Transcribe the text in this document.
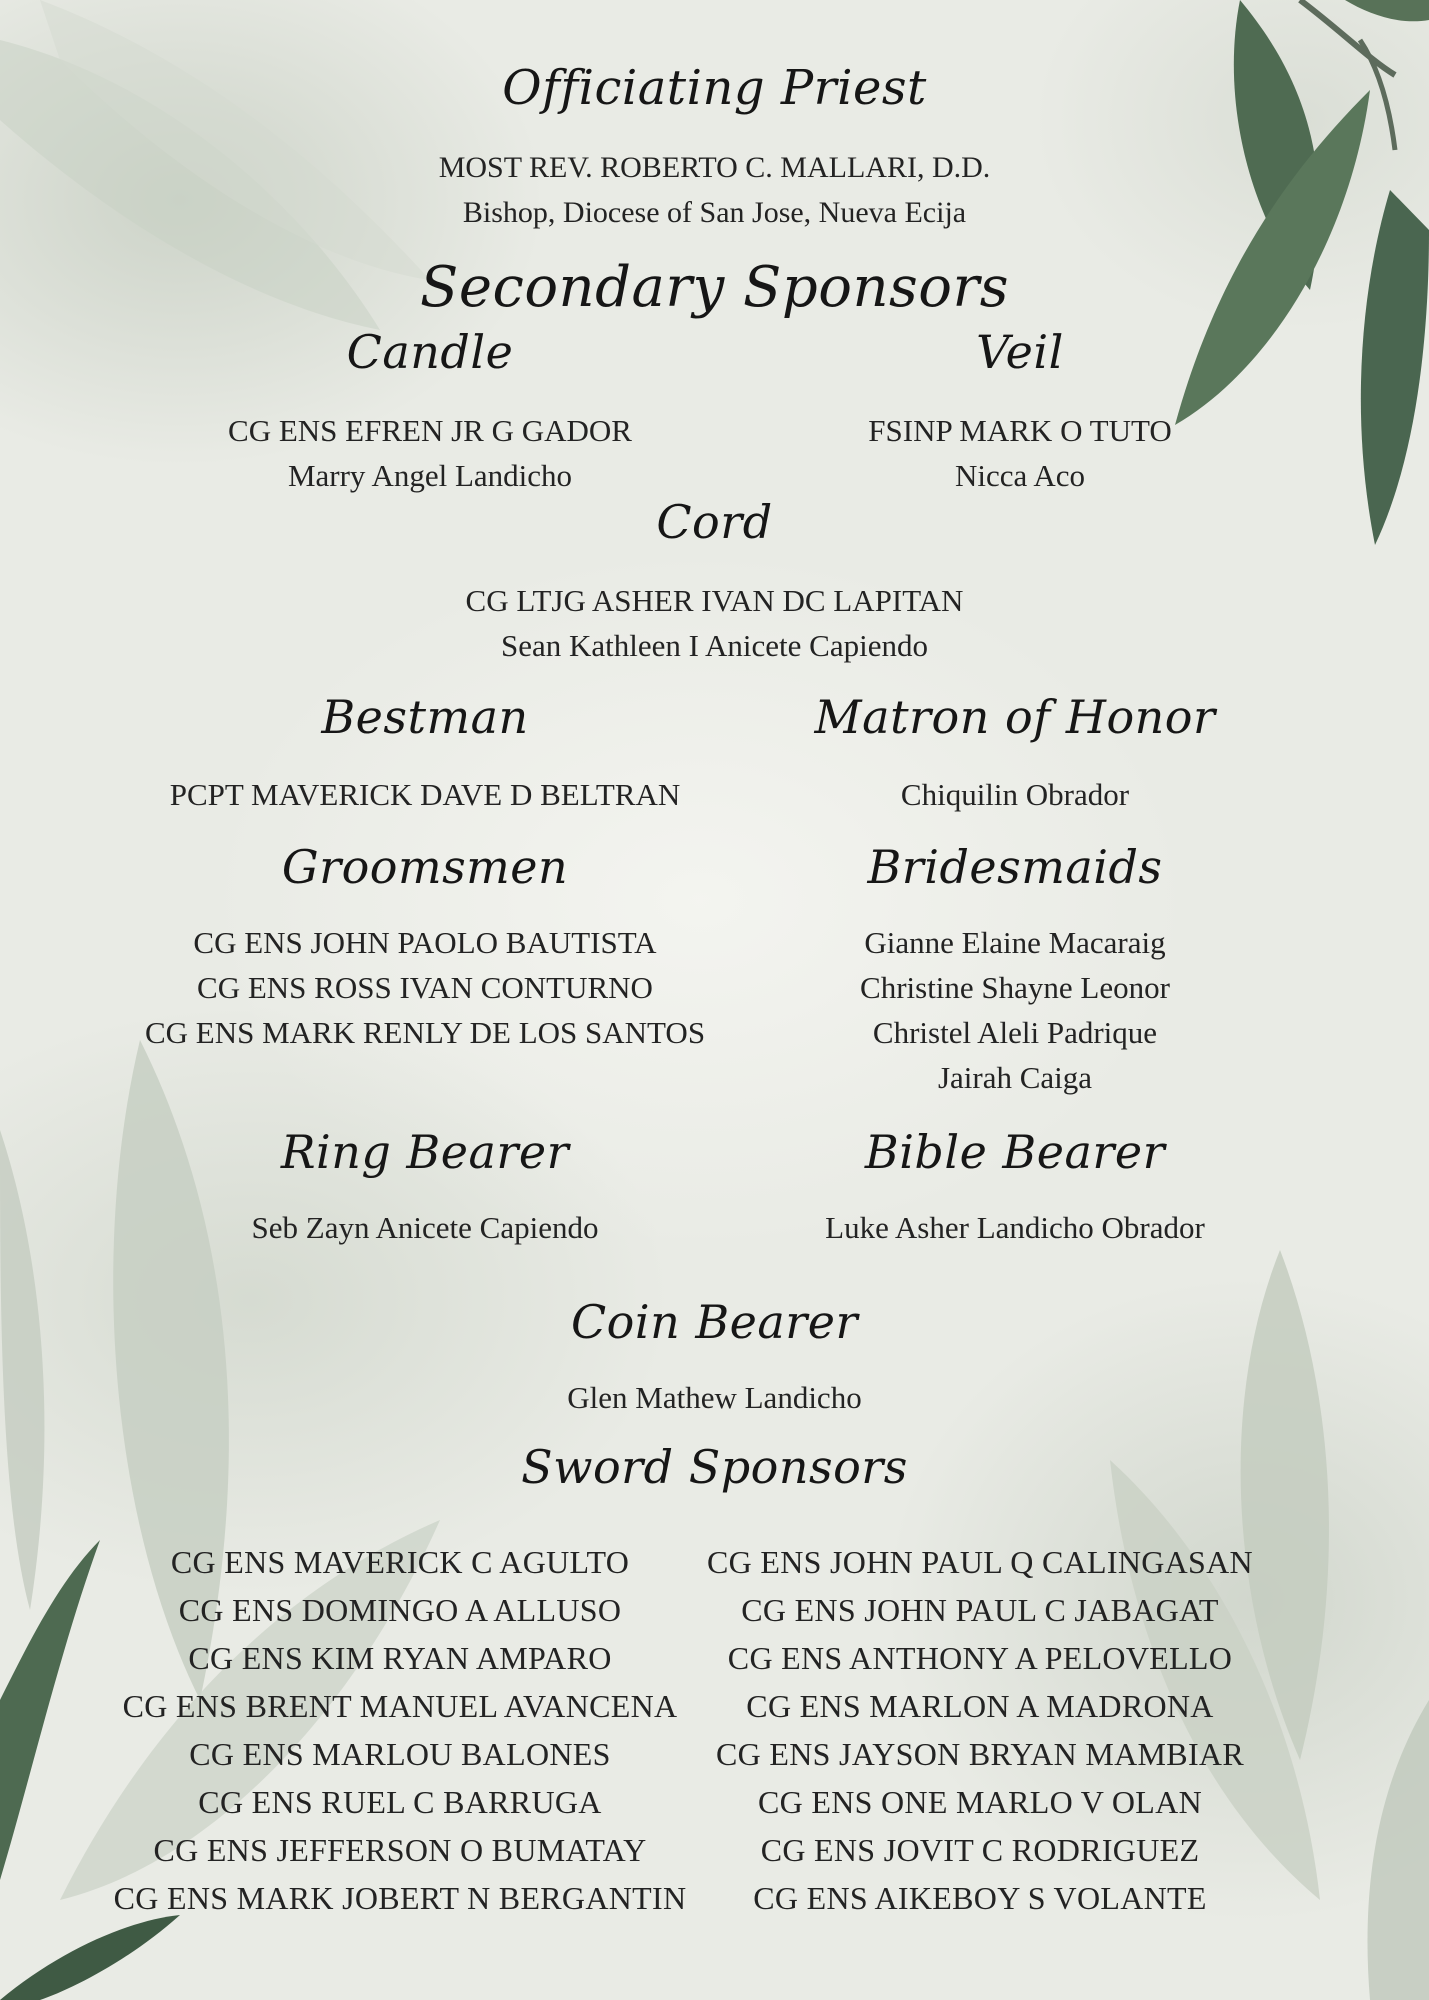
Officiating Priest

MOST REV. ROBERTO C. MALLARI, D.D.

Bishop, Diocese of San Jose, Nueva Ecija

Secondary Sponsors
Candle
CG ENS EFREN JR G GADOR
Marry Angel Landicho
Veil
FSINP MARK O TUTO
Nicca Aco
Cord
CG LTJG ASHER IVAN DC LAPITAN
Sean Kathleen I Anicete Capiendo
Bestman
PCPT MAVERICK DAVE D BELTRAN
Matron of Honor
Chiquilin Obrador
Groomsmen
CG ENS JOHN PAOLO BAUTISTA
CG ENS ROSS IVAN CONTURNO
CG ENS MARK RENLY DE LOS SANTOS
Bridesmaids
Gianne Elaine Macaraig
Christine Shayne Leonor
Christel Aleli Padrique
Jairah Caiga
Ring Bearer
Seb Zayn Anicete Capiendo
Bible Bearer
Luke Asher Landicho Obrador
Coin Bearer
Glen Mathew Landicho
Sword Sponsors
CG ENS MAVERICK C AGULTO
CG ENS DOMINGO A ALLUSO
CG ENS KIM RYAN AMPARO
CG ENS BRENT MANUEL AVANCENA
CG ENS MARLOU BALONES
CG ENS RUEL C BARRUGA
CG ENS JEFFERSON O BUMATAY
CG ENS MARK JOBERT N BERGANTIN
CG ENS JOHN PAUL Q CALINGASAN
CG ENS JOHN PAUL C JABAGAT
CG ENS ANTHONY A PELOVELLO
CG ENS MARLON A MADRONA
CG ENS JAYSON BRYAN MAMBIAR
CG ENS ONE MARLO V OLAN
CG ENS JOVIT C RODRIGUEZ
CG ENS AIKEBOY S VOLANTE
